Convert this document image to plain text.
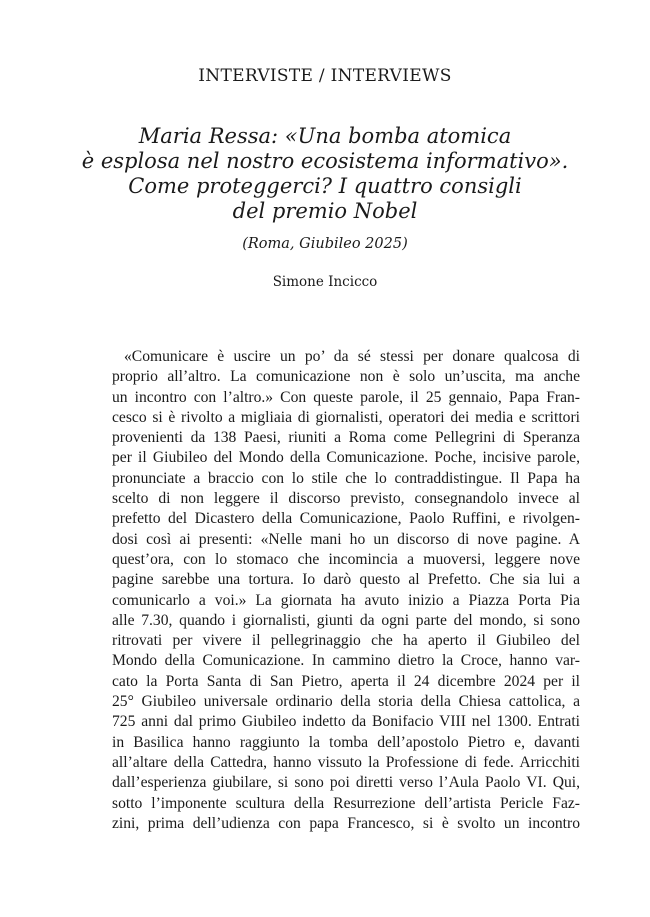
INTERVISTE / INTERVIEWS
Maria Ressa: «Una bomba atomica
è esplosa nel nostro ecosistema informativo».
Come proteggerci? I quattro consigli
del premio Nobel
(Roma, Giubileo 2025)
Simone Incicco
«Comunicare è uscire un po’ da sé stessi per donare qualcosa di
proprio all’altro. La comunicazione non è solo un’uscita, ma anche
un incontro con l’altro.» Con queste parole, il 25 gennaio, Papa Fran-
cesco si è rivolto a migliaia di giornalisti, operatori dei media e scrittori
provenienti da 138 Paesi, riuniti a Roma come Pellegrini di Speranza
per il Giubileo del Mondo della Comunicazione. Poche, incisive parole,
pronunciate a braccio con lo stile che lo contraddistingue. Il Papa ha
scelto di non leggere il discorso previsto, consegnandolo invece al
prefetto del Dicastero della Comunicazione, Paolo Ruffini, e rivolgen-
dosi così ai presenti: «Nelle mani ho un discorso di nove pagine. A
quest’ora, con lo stomaco che incomincia a muoversi, leggere nove
pagine sarebbe una tortura. Io darò questo al Prefetto. Che sia lui a
comunicarlo a voi.» La giornata ha avuto inizio a Piazza Porta Pia
alle 7.30, quando i giornalisti, giunti da ogni parte del mondo, si sono
ritrovati per vivere il pellegrinaggio che ha aperto il Giubileo del
Mondo della Comunicazione. In cammino dietro la Croce, hanno var-
cato la Porta Santa di San Pietro, aperta il 24 dicembre 2024 per il
25° Giubileo universale ordinario della storia della Chiesa cattolica, a
725 anni dal primo Giubileo indetto da Bonifacio VIII nel 1300. Entrati
in Basilica hanno raggiunto la tomba dell’apostolo Pietro e, davanti
all’altare della Cattedra, hanno vissuto la Professione di fede. Arricchiti
dall’esperienza giubilare, si sono poi diretti verso l’Aula Paolo VI. Qui,
sotto l’imponente scultura della Resurrezione dell’artista Pericle Faz-
zini, prima dell’udienza con papa Francesco, si è svolto un incontro
